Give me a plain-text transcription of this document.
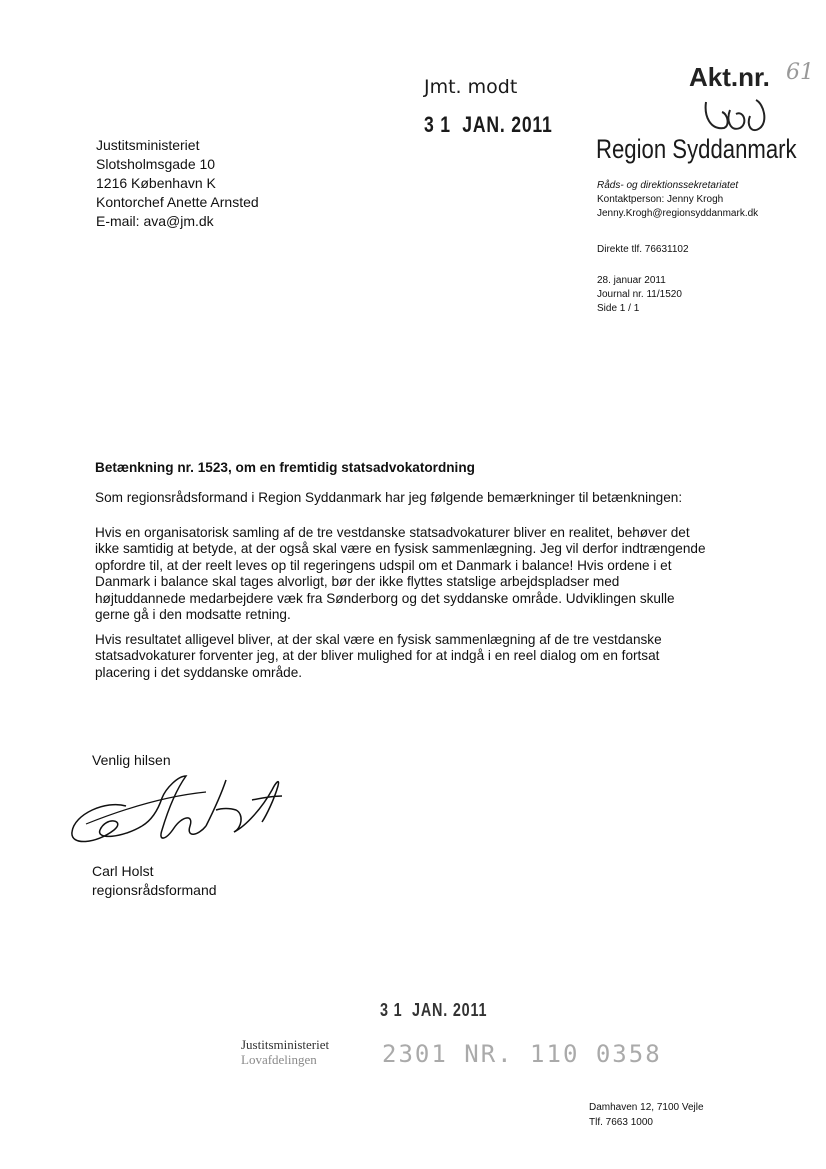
Jmt. modt
3 1  JAN. 2011
Akt.nr. 61
Region Syddanmark
Justitsministeriet
Slotsholmsgade 10
1216 København K
Kontorchef Anette Arnsted
E-mail: ava@jm.dk
Råds- og direktionssekretariatet
Kontaktperson: Jenny Krogh
Jenny.Krogh@regionsyddanmark.dk
Direkte tlf. 76631102
28. januar 2011
Journal nr. 11/1520
Side 1 / 1
Betænkning nr. 1523, om en fremtidig statsadvokatordning
Som regionsrådsformand i Region Syddanmark har jeg følgende bemærkninger til betænkningen:
Hvis en organisatorisk samling af de tre vestdanske statsadvokaturer bliver en realitet, behøver det
ikke samtidig at betyde, at der også skal være en fysisk sammenlægning. Jeg vil derfor indtrængende
opfordre til, at der reelt leves op til regeringens udspil om et Danmark i balance! Hvis ordene i et
Danmark i balance skal tages alvorligt, bør der ikke flyttes statslige arbejdspladser med
højtuddannede medarbejdere væk fra Sønderborg og det syddanske område. Udviklingen skulle
gerne gå i den modsatte retning.
Hvis resultatet alligevel bliver, at der skal være en fysisk sammenlægning af de tre vestdanske
statsadvokaturer forventer jeg, at der bliver mulighed for at indgå i en reel dialog om en fortsat
placering i det syddanske område.
Venlig hilsen
Carl Holst
regionsrådsformand
3 1  JAN. 2011
Justitsministeriet
Lovafdelingen	2301 NR. 110 0358
Damhaven 12, 7100 Vejle
Tlf. 7663 1000
